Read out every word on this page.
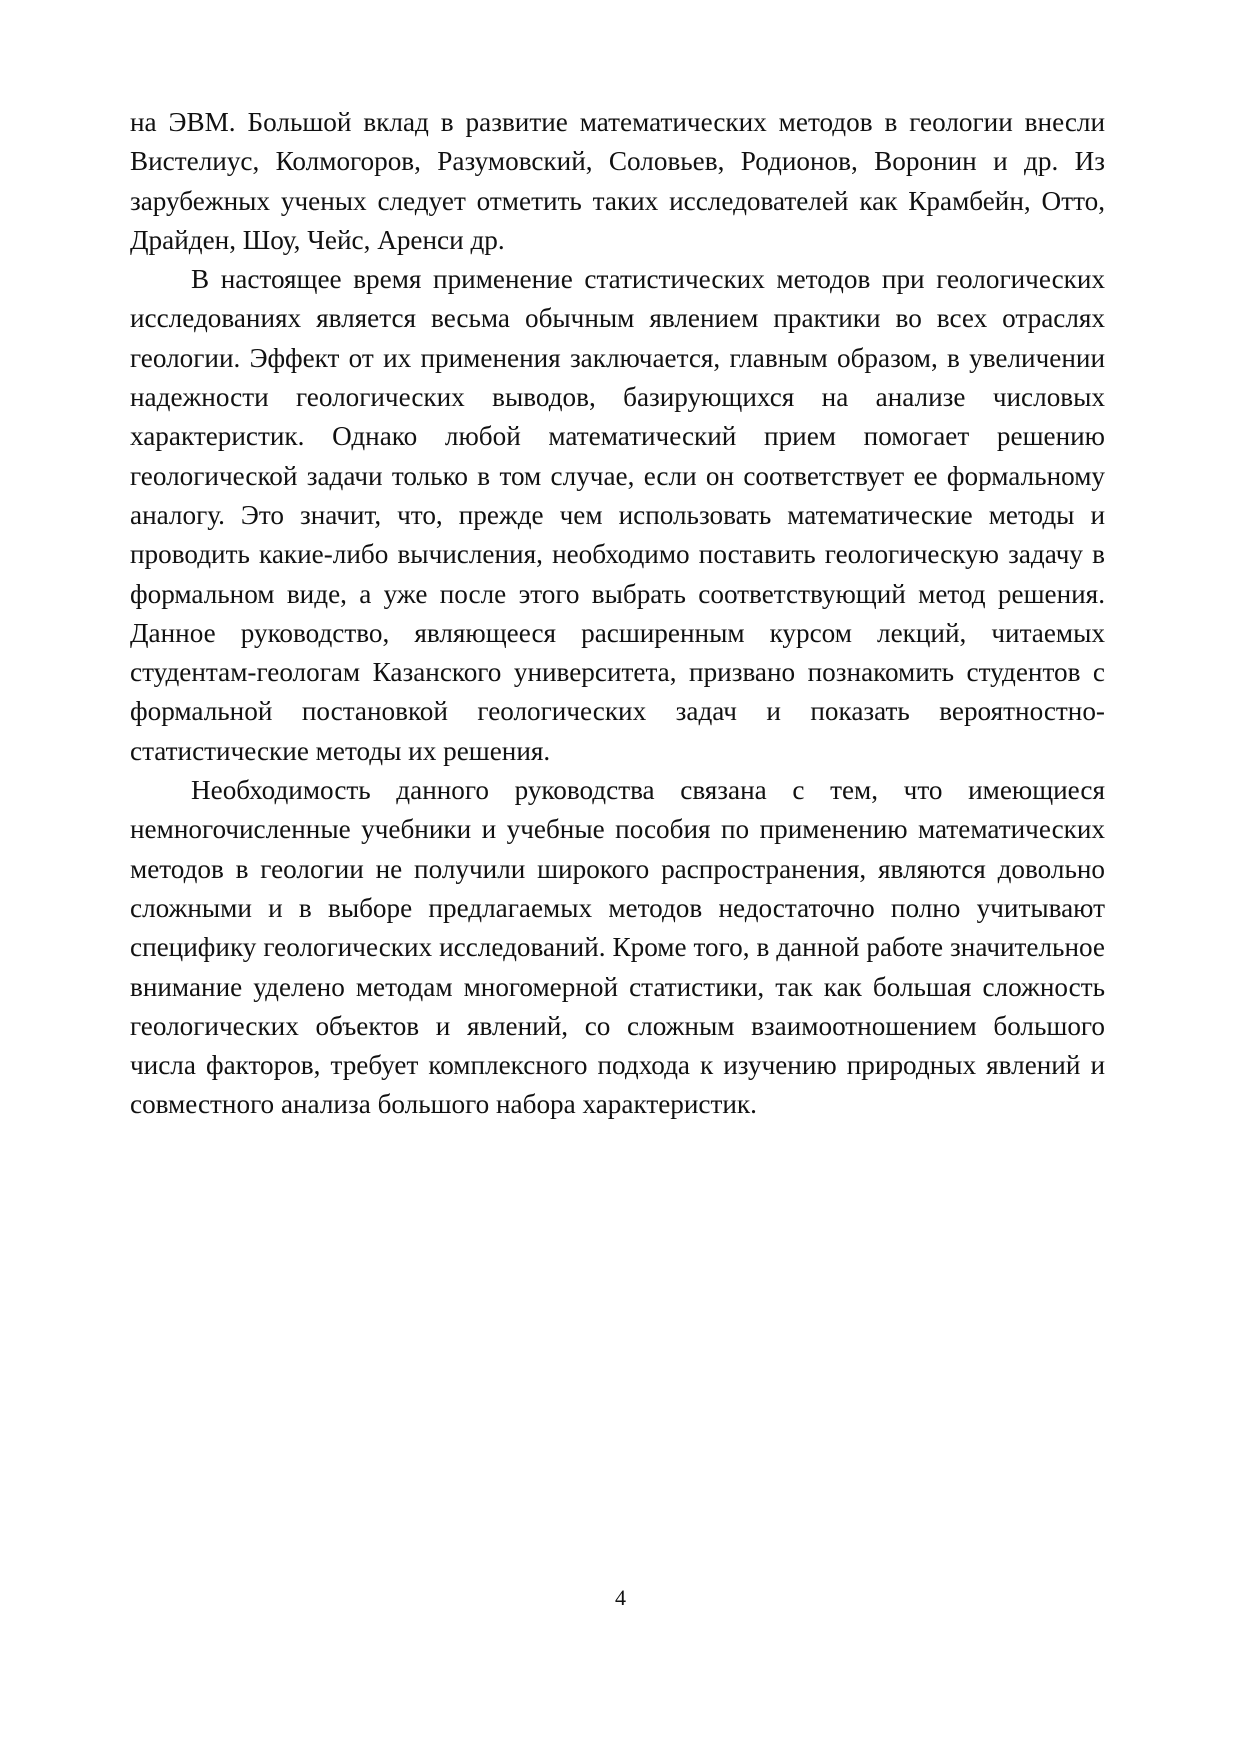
на ЭВМ. Большой вклад в развитие математических методов в геологии внесли Вистелиус, Колмогоров, Разумовский, Соловьев, Родионов, Воронин и др. Из зарубежных ученых следует отметить таких исследователей как Крамбейн, Отто, Драйден, Шоу, Чейс, Аренси др.

В настоящее время применение статистических методов при геологических исследованиях является весьма обычным явлением практики во всех отраслях геологии. Эффект от их применения заключается, главным образом, в увеличении надежности геологических выводов, базирующихся на анализе числовых характеристик. Однако любой математический прием помогает решению геологической задачи только в том случае, если он соответствует ее формальному аналогу. Это значит, что, прежде чем использовать математические методы и проводить какие-либо вычисления, необходимо поставить геологическую задачу в формальном виде, а уже после этого выбрать соответствующий метод решения. Данное руководство, являющееся расширенным курсом лекций, читаемых студентам-геологам Казанского университета, призвано познакомить студентов с формальной постановкой геологических задач и показать вероятностно-статистические методы их решения.

Необходимость данного руководства связана с тем, что имеющиеся немногочисленные учебники и учебные пособия по применению математических методов в геологии не получили широкого распространения, являются довольно сложными и в выборе предлагаемых методов недостаточно полно учитывают специфику геологических исследований. Кроме того, в данной работе значительное внимание уделено методам многомерной статистики, так как большая сложность геологических объектов и явлений, со сложным взаимоотношением большого числа факторов, требует комплексного подхода к изучению природных явлений и совместного анализа большого набора характеристик.

4
